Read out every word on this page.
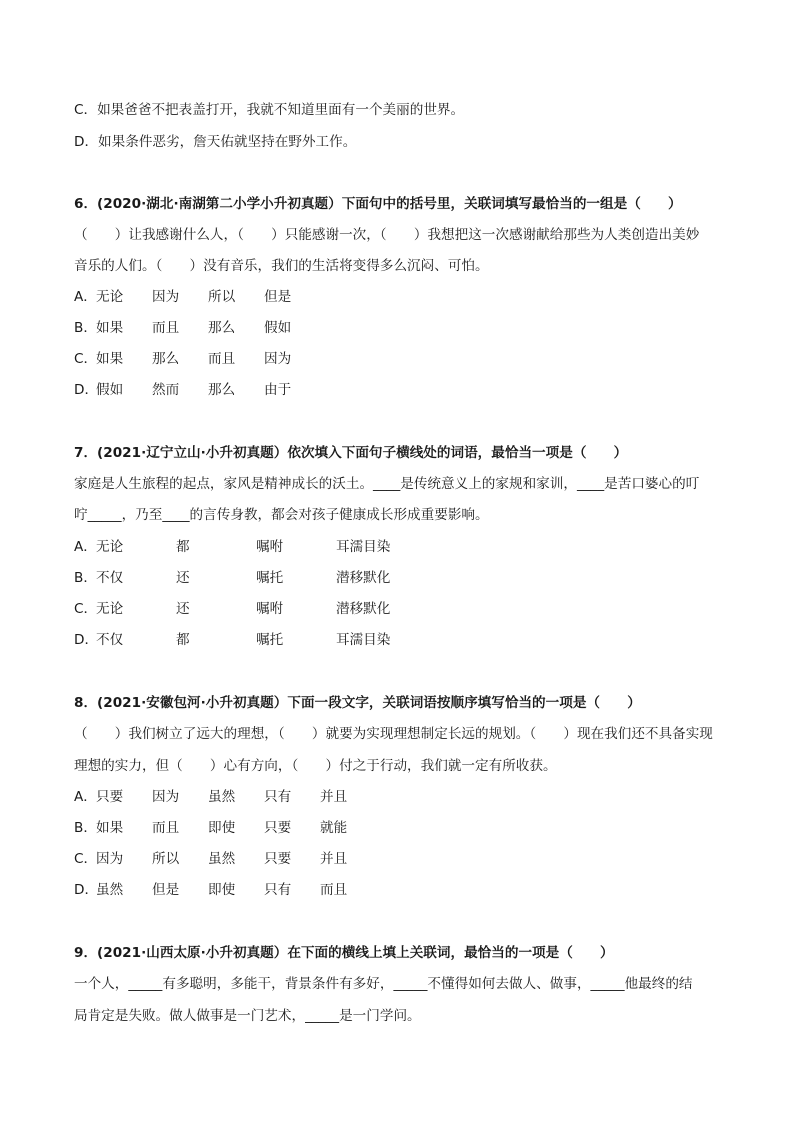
C．如果爸爸不把表盖打开，我就不知道里面有一个美丽的世界。
D．如果条件恶劣，詹天佑就坚持在野外工作。
6．(2020·湖北·南湖第二小学小升初真题）下面句中的括号里，关联词填写最恰当的一组是（　　）
（　　）让我感谢什么人，（　　）只能感谢一次，（　　）我想把这一次感谢献给那些为人类创造出美妙
音乐的人们。（　　）没有音乐，我们的生活将变得多么沉闷、可怕。
A．无论 因为 所以 但是
B．如果 而且 那么 假如
C．如果 那么 而且 因为
D．假如 然而 那么 由于
7．(2021·辽宁立山·小升初真题）依次填入下面句子横线处的词语，最恰当一项是（　　）
家庭是人生旅程的起点，家风是精神成长的沃土。____是传统意义上的家规和家训，____是苦口婆心的叮
咛_____，乃至____的言传身教，都会对孩子健康成长形成重要影响。
A．无论	都	嘱咐	耳濡目染
B．不仅	还	嘱托	潜移默化
C．无论	还	嘱咐	潜移默化
D．不仅	都	嘱托	耳濡目染
8．(2021·安徽包河·小升初真题）下面一段文字，关联词语按顺序填写恰当的一项是（　　）
（　　）我们树立了远大的理想，（　　）就要为实现理想制定长远的规划。（　　）现在我们还不具备实现
理想的实力，但（　　）心有方向，（　　）付之于行动，我们就一定有所收获。
A．只要 因为 虽然 只有 并且
B．如果 而且 即使 只要 就能
C．因为 所以 虽然 只要 并且
D．虽然 但是 即使 只有 而且
9．(2021·山西太原·小升初真题）在下面的横线上填上关联词，最恰当的一项是（　　）
一个人，_____有多聪明，多能干，背景条件有多好，_____不懂得如何去做人、做事，_____他最终的结
局肯定是失败。做人做事是一门艺术，_____是一门学问。
